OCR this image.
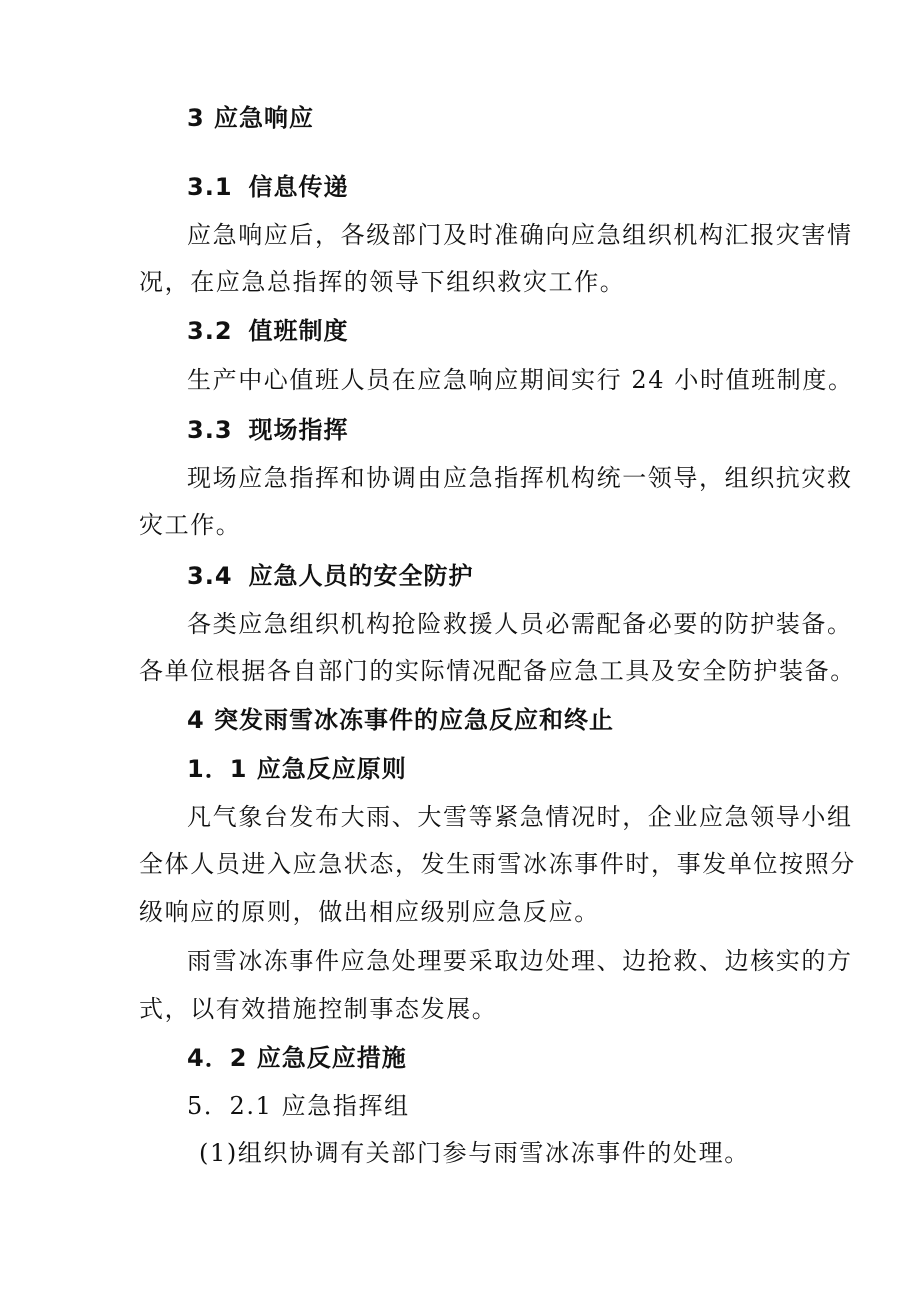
3 应急响应
3.1 信息传递
应急响应后，各级部门及时准确向应急组织机构汇报灾害情
况，在应急总指挥的领导下组织救灾工作。
3.2 值班制度
生产中心值班人员在应急响应期间实行 24 小时值班制度。
3.3 现场指挥
现场应急指挥和协调由应急指挥机构统一领导，组织抗灾救
灾工作。
3.4 应急人员的安全防护
各类应急组织机构抢险救援人员必需配备必要的防护装备。
各单位根据各自部门的实际情况配备应急工具及安全防护装备。
4 突发雨雪冰冻事件的应急反应和终止
1．1 应急反应原则
凡气象台发布大雨、大雪等紧急情况时，企业应急领导小组
全体人员进入应急状态，发生雨雪冰冻事件时，事发单位按照分
级响应的原则，做出相应级别应急反应。
雨雪冰冻事件应急处理要采取边处理、边抢救、边核实的方
式，以有效措施控制事态发展。
4．2 应急反应措施
5．2.1 应急指挥组
(1)组织协调有关部门参与雨雪冰冻事件的处理。
